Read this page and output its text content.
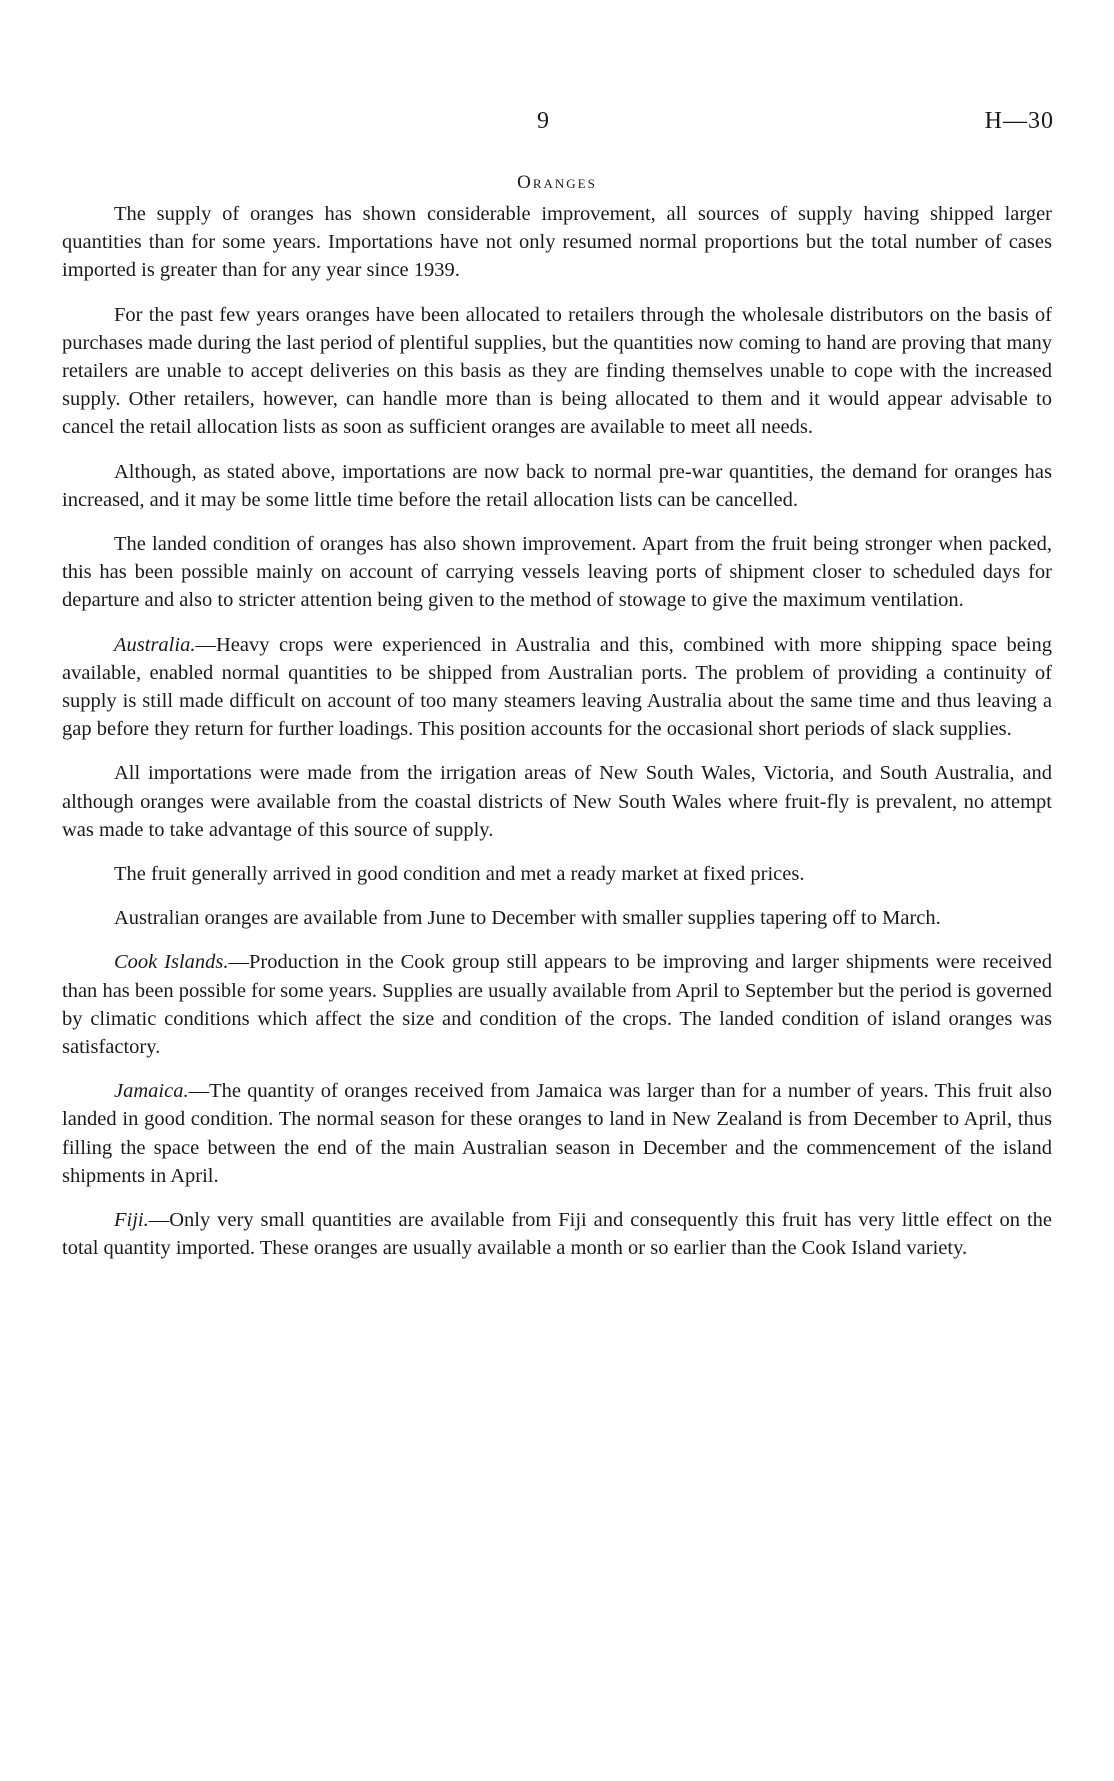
9	H—30
Oranges

The supply of oranges has shown considerable improvement, all sources of supply having shipped larger quantities than for some years. Importations have not only resumed normal proportions but the total number of cases imported is greater than for any year since 1939.

For the past few years oranges have been allocated to retailers through the wholesale distributors on the basis of purchases made during the last period of plentiful supplies, but the quantities now coming to hand are proving that many retailers are unable to accept deliveries on this basis as they are finding themselves unable to cope with the increased supply. Other retailers, however, can handle more than is being allocated to them and it would appear advisable to cancel the retail allocation lists as soon as sufficient oranges are available to meet all needs.

Although, as stated above, importations are now back to normal pre-war quantities, the demand for oranges has increased, and it may be some little time before the retail allocation lists can be cancelled.

The landed condition of oranges has also shown improvement. Apart from the fruit being stronger when packed, this has been possible mainly on account of carrying vessels leaving ports of shipment closer to scheduled days for departure and also to stricter attention being given to the method of stowage to give the maximum ventilation.

Australia.—Heavy crops were experienced in Australia and this, combined with more shipping space being available, enabled normal quantities to be shipped from Australian ports. The problem of providing a continuity of supply is still made difficult on account of too many steamers leaving Australia about the same time and thus leaving a gap before they return for further loadings. This position accounts for the occasional short periods of slack supplies.

All importations were made from the irrigation areas of New South Wales, Victoria, and South Australia, and although oranges were available from the coastal districts of New South Wales where fruit-fly is prevalent, no attempt was made to take advantage of this source of supply.

The fruit generally arrived in good condition and met a ready market at fixed prices.

Australian oranges are available from June to December with smaller supplies tapering off to March.

Cook Islands.—Production in the Cook group still appears to be improving and larger shipments were received than has been possible for some years. Supplies are usually available from April to September but the period is governed by climatic conditions which affect the size and condition of the crops. The landed condition of island oranges was satisfactory.

Jamaica.—The quantity of oranges received from Jamaica was larger than for a number of years. This fruit also landed in good condition. The normal season for these oranges to land in New Zealand is from December to April, thus filling the space between the end of the main Australian season in December and the commencement of the island shipments in April.

Fiji.—Only very small quantities are available from Fiji and consequently this fruit has very little effect on the total quantity imported. These oranges are usually available a month or so earlier than the Cook Island variety.
